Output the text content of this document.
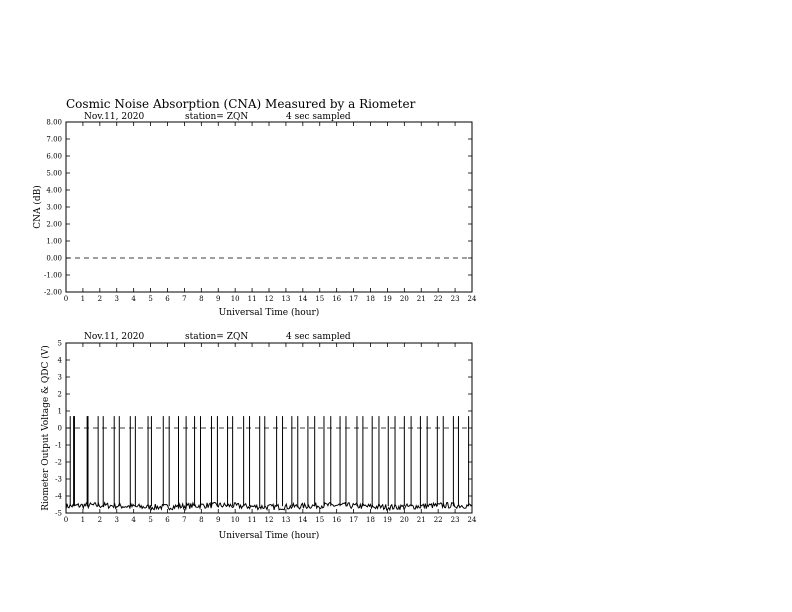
Cosmic Noise Absorption (CNA) Measured by a Riometer
Nov.11, 2020	station= ZQN	4 sec sampled
-2.00
-1.00
0.00
1.00
2.00
3.00
4.00
5.00
6.00
7.00
8.00
0 1 2 3 4 5 6 7 8 9 10 11 12 13 14 15 16 17 18 19 20 21 22 23 24
Universal Time (hour)
CNA (dB)
Nov.11, 2020	station= ZQN	4 sec sampled
-5
-4
-3
-2
-1
0
1
2
3
4
5
0 1 2 3 4 5 6 7 8 9 10 11 12 13 14 15 16 17 18 19 20 21 22 23 24
Universal Time (hour)
Riometer Output Voltage & QDC (V)
